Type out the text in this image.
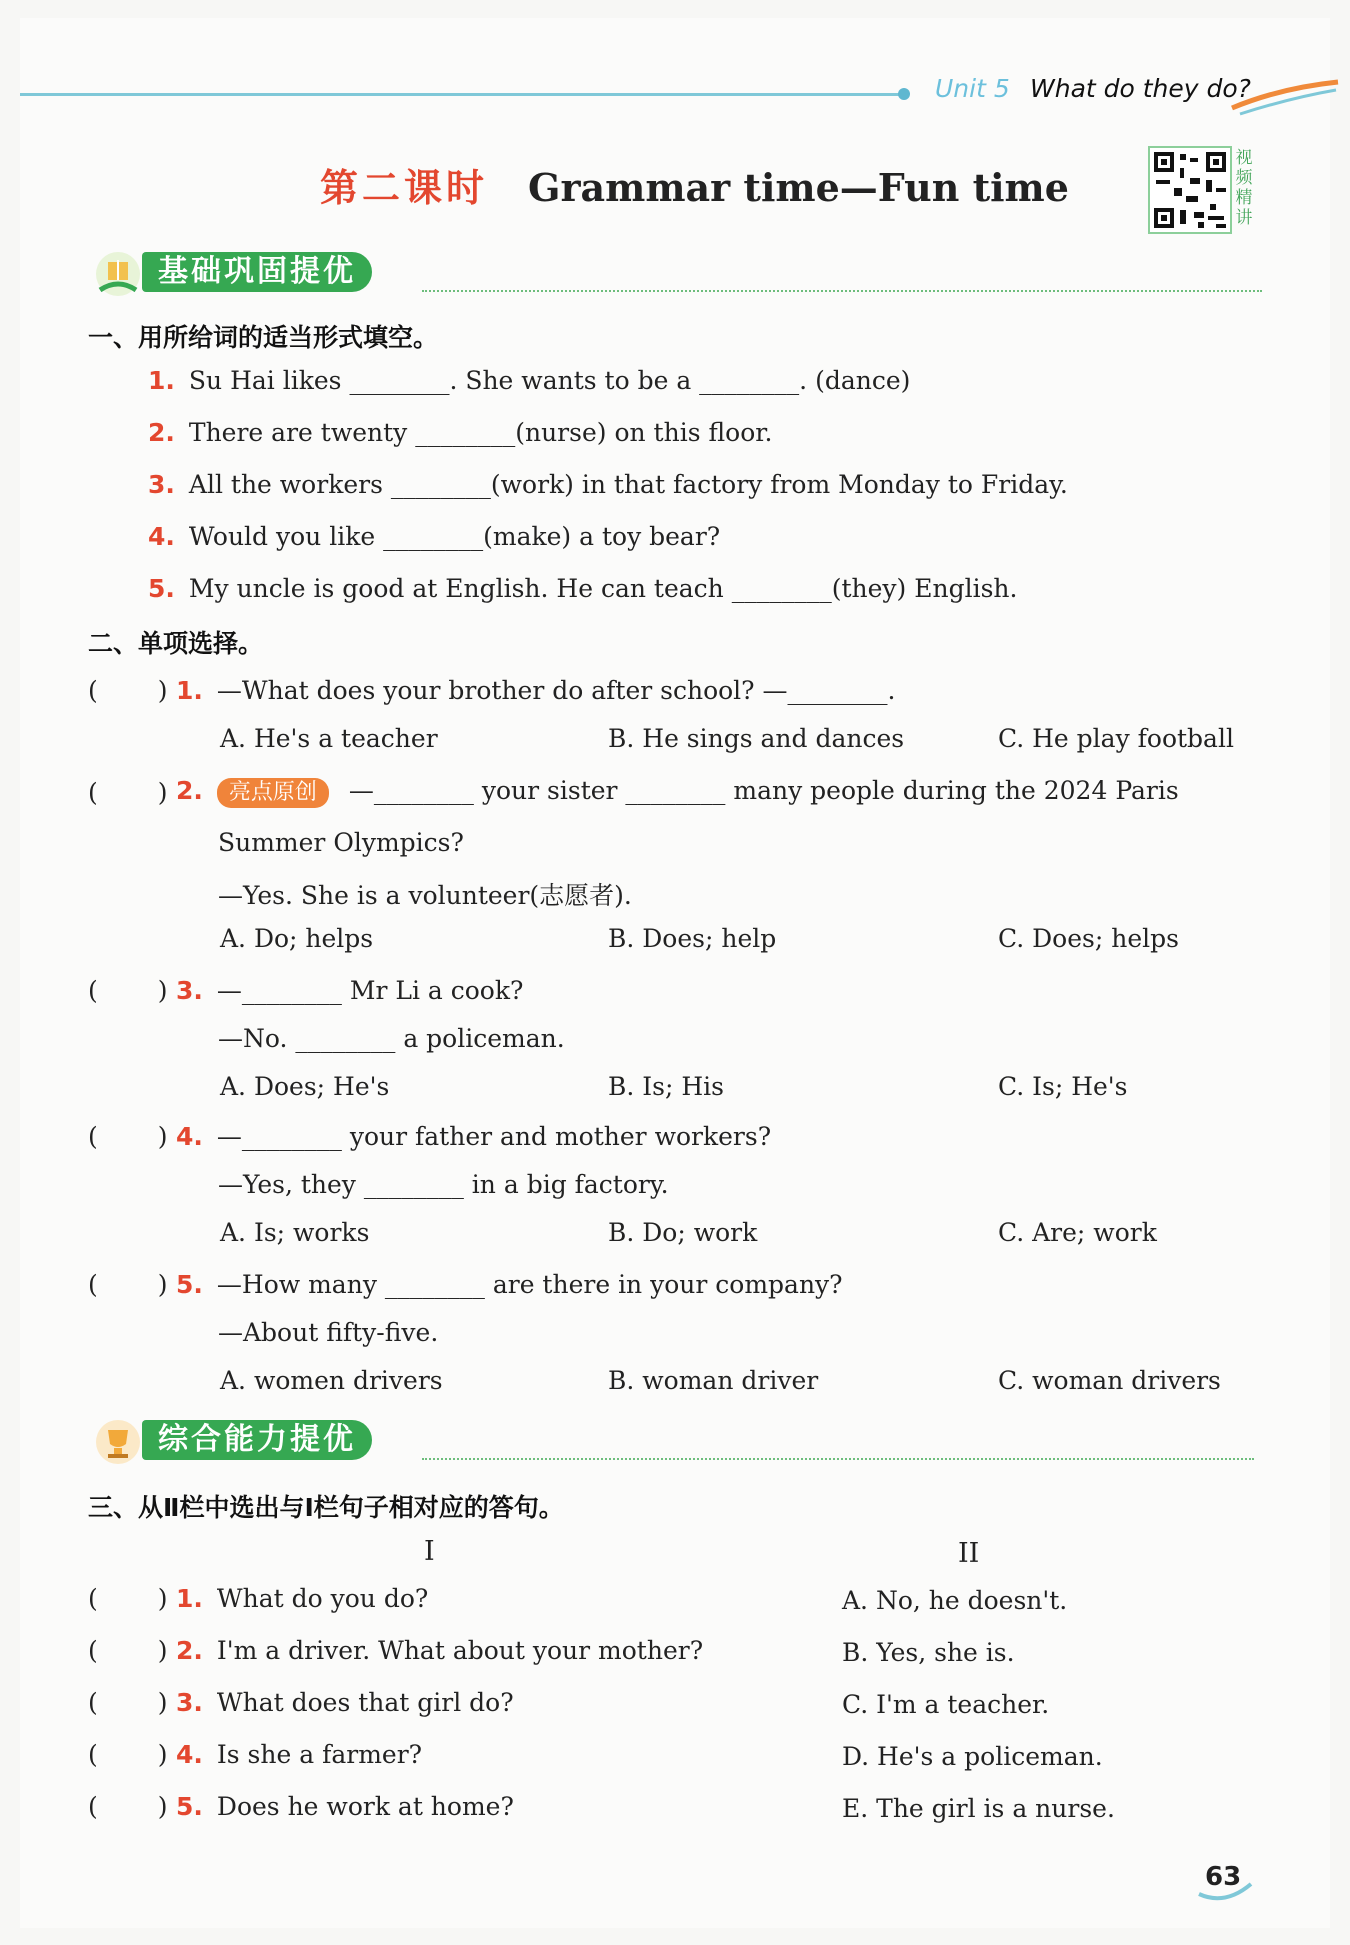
Unit 5 What do they do?
第二课时 Grammar time—Fun time
视频精讲
基础巩固提优
一、用所给词的适当形式填空。
1. Su Hai likes ________. She wants to be a ________. (dance)
2. There are twenty ________(nurse) on this floor.
3. All the workers ________(work) in that factory from Monday to Friday.
4. Would you like ________(make) a toy bear?
5. My uncle is good at English. He can teach ________(they) English.
二、单项选择。
( ) 1. —What does your brother do after school? —________.
A. He's a teacher	B. He sings and dances	C. He play football
( ) 2. 亮点原创 —________ your sister ________ many people during the 2024 Paris
Summer Olympics?
—Yes. She is a volunteer(志愿者).
A. Do; helps	B. Does; help	C. Does; helps
( ) 3. —________ Mr Li a cook?
—No. ________ a policeman.
A. Does; He's	B. Is; His	C. Is; He's
( ) 4. —________ your father and mother workers?
—Yes, they ________ in a big factory.
A. Is; works	B. Do; work	C. Are; work
( ) 5. —How many ________ are there in your company?
—About fifty-five.
A. women drivers	B. woman driver	C. woman drivers
综合能力提优
三、从Ⅱ栏中选出与Ⅰ栏句子相对应的答句。
I	II
( ) 1. What do you do?	A. No, he doesn't.
( ) 2. I'm a driver. What about your mother?	B. Yes, she is.
( ) 3. What does that girl do?	C. I'm a teacher.
( ) 4. Is she a farmer?	D. He's a policeman.
( ) 5. Does he work at home?	E. The girl is a nurse.
63
